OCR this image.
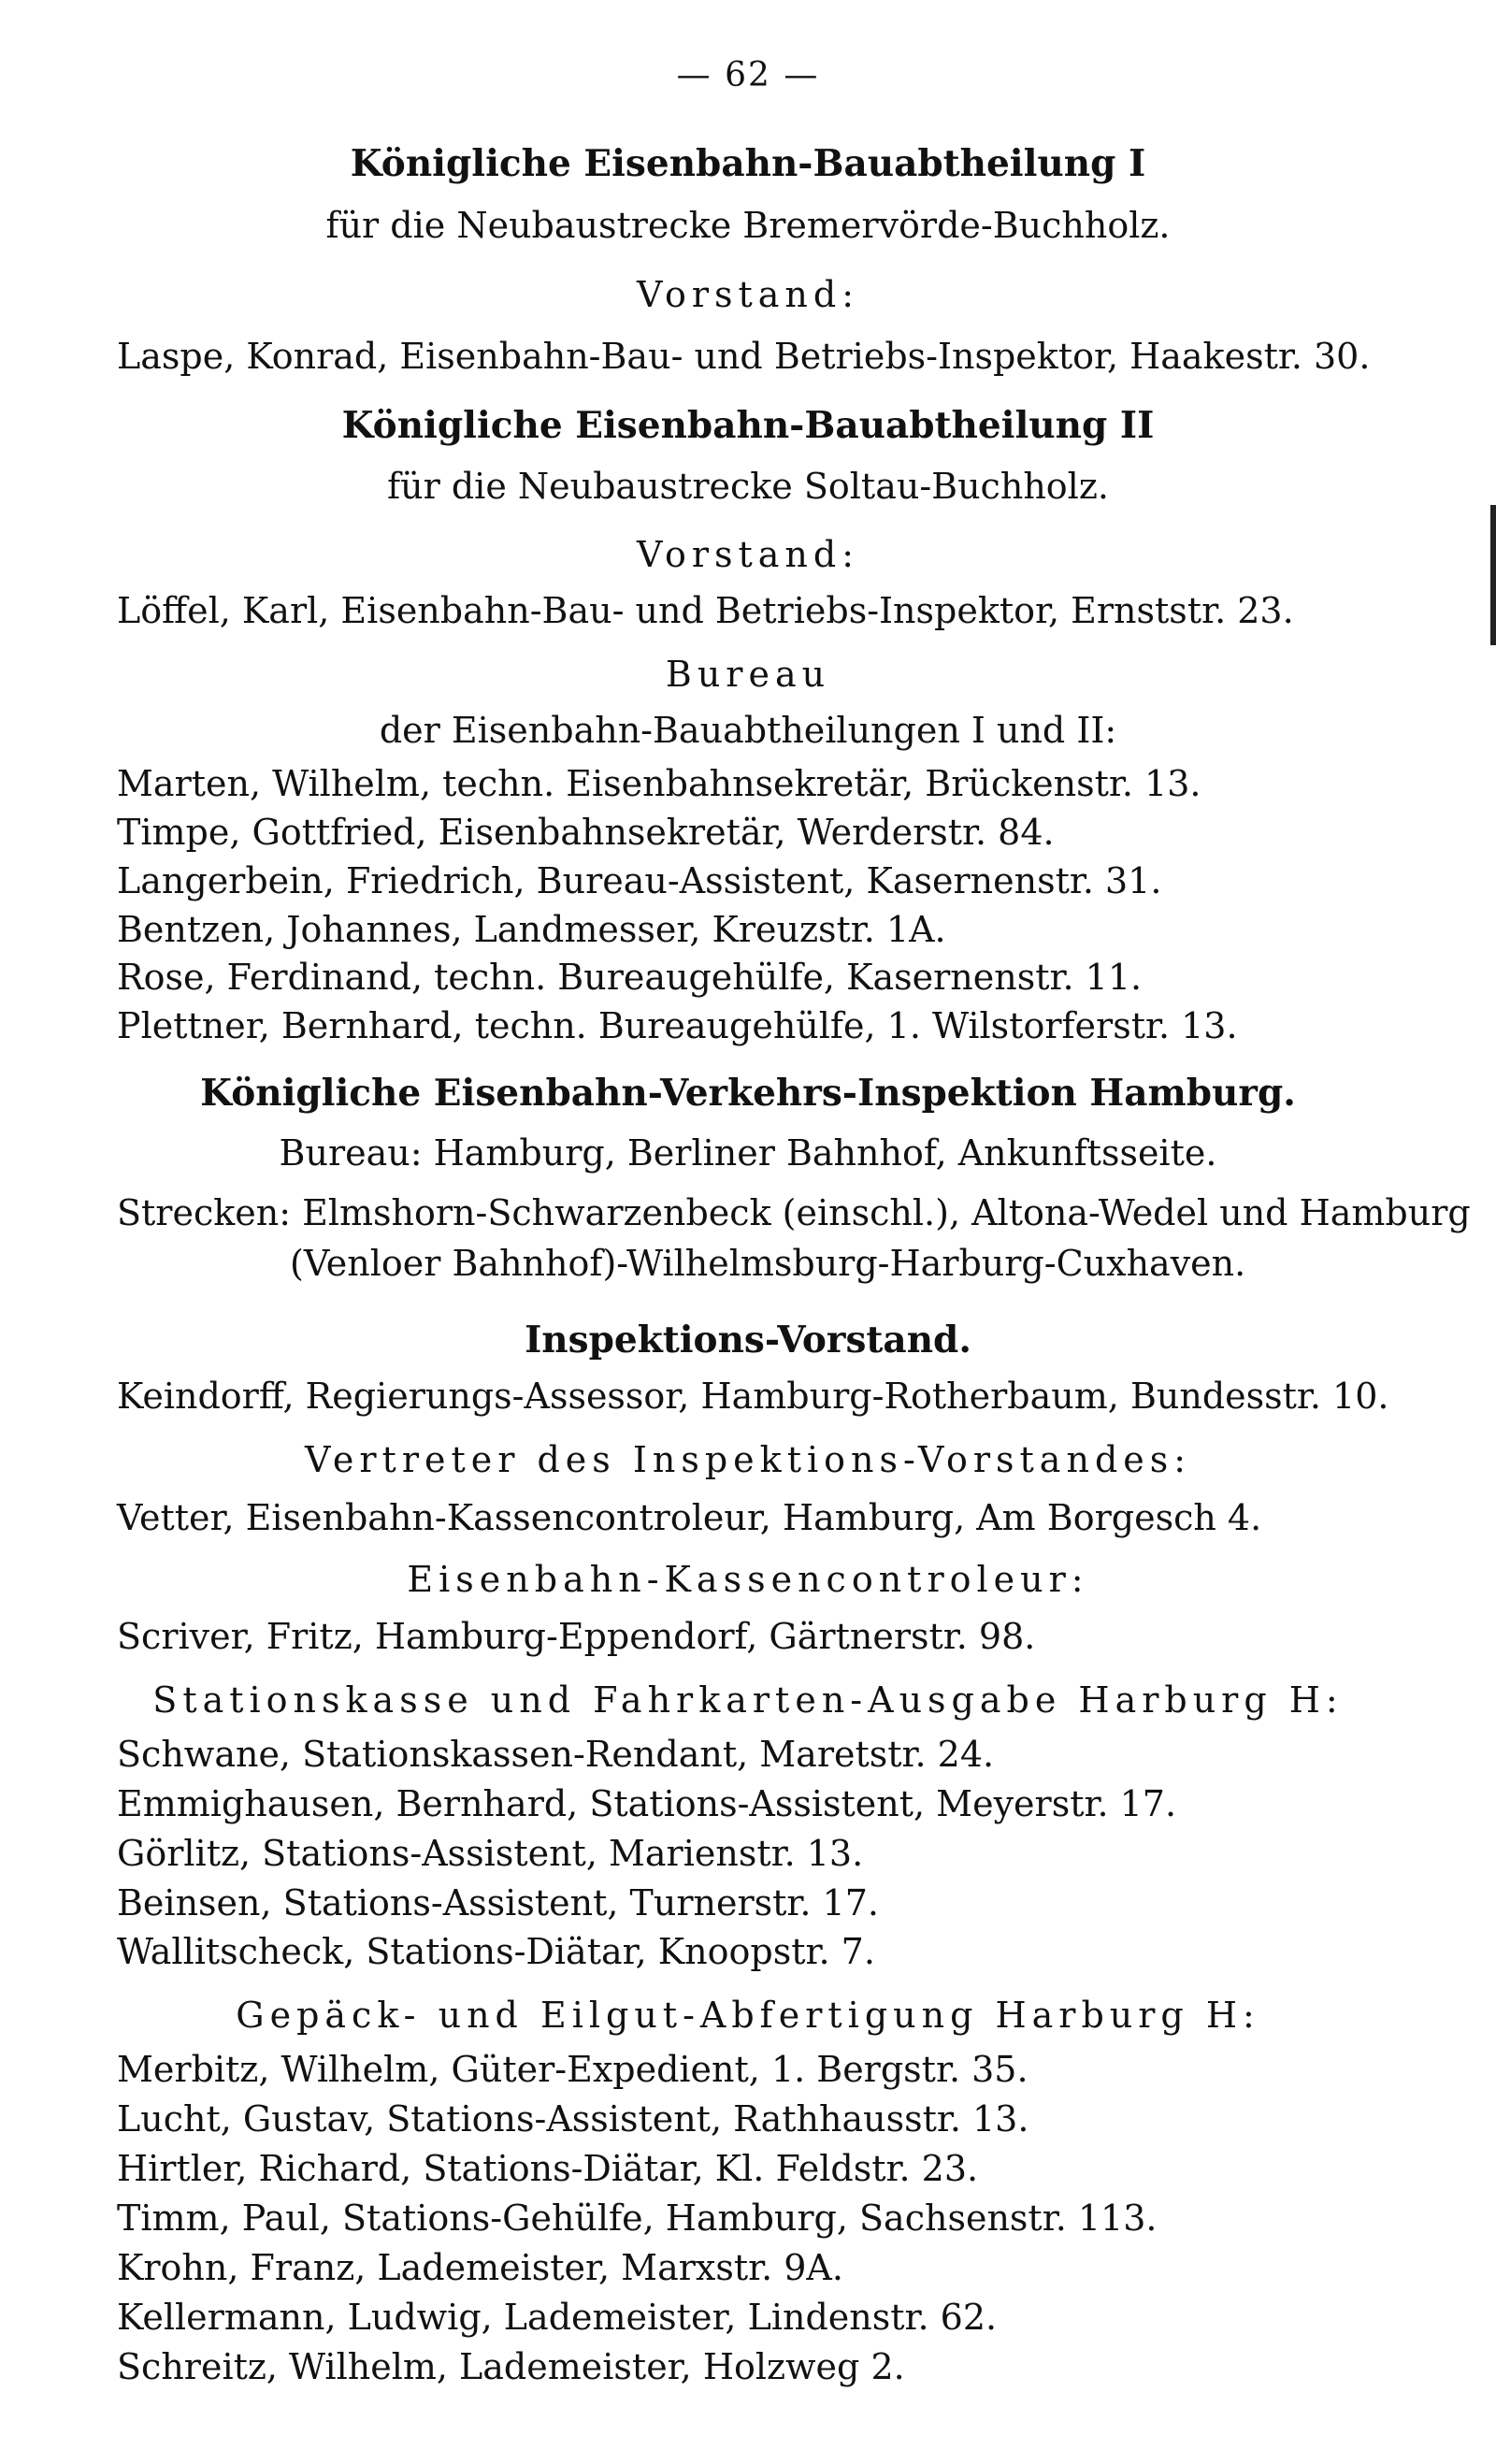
— 62 —
Königliche Eisenbahn-Bauabtheilung I
für die Neubaustrecke Bremervörde-Buchholz.
Vorstand:
Laspe, Konrad, Eisenbahn-Bau- und Betriebs-Inspektor, Haakestr. 30.
Königliche Eisenbahn-Bauabtheilung II
für die Neubaustrecke Soltau-Buchholz.
Vorstand:
Löffel, Karl, Eisenbahn-Bau- und Betriebs-Inspektor, Ernststr. 23.
Bureau
der Eisenbahn-Bauabtheilungen I und II:
Marten, Wilhelm, techn. Eisenbahnsekretär, Brückenstr. 13.
Timpe, Gottfried, Eisenbahnsekretär, Werderstr. 84.
Langerbein, Friedrich, Bureau-Assistent, Kasernenstr. 31.
Bentzen, Johannes, Landmesser, Kreuzstr. 1A.
Rose, Ferdinand, techn. Bureaugehülfe, Kasernenstr. 11.
Plettner, Bernhard, techn. Bureaugehülfe, 1. Wilstorferstr. 13.
Königliche Eisenbahn-Verkehrs-Inspektion Hamburg.
Bureau: Hamburg, Berliner Bahnhof, Ankunftsseite.
Strecken: Elmshorn-Schwarzenbeck (einschl.), Altona-Wedel und Hamburg
(Venloer Bahnhof)-Wilhelmsburg-Harburg-Cuxhaven.
Inspektions-Vorstand.
Keindorff, Regierungs-Assessor, Hamburg-Rotherbaum, Bundesstr. 10.
Vertreter des Inspektions-Vorstandes:
Vetter, Eisenbahn-Kassencontroleur, Hamburg, Am Borgesch 4.
Eisenbahn-Kassencontroleur:
Scriver, Fritz, Hamburg-Eppendorf, Gärtnerstr. 98.
Stationskasse und Fahrkarten-Ausgabe Harburg H:
Schwane, Stationskassen-Rendant, Maretstr. 24.
Emmighausen, Bernhard, Stations-Assistent, Meyerstr. 17.
Görlitz, Stations-Assistent, Marienstr. 13.
Beinsen, Stations-Assistent, Turnerstr. 17.
Wallitscheck, Stations-Diätar, Knoopstr. 7.
Gepäck- und Eilgut-Abfertigung Harburg H:
Merbitz, Wilhelm, Güter-Expedient, 1. Bergstr. 35.
Lucht, Gustav, Stations-Assistent, Rathhausstr. 13.
Hirtler, Richard, Stations-Diätar, Kl. Feldstr. 23.
Timm, Paul, Stations-Gehülfe, Hamburg, Sachsenstr. 113.
Krohn, Franz, Lademeister, Marxstr. 9A.
Kellermann, Ludwig, Lademeister, Lindenstr. 62.
Schreitz, Wilhelm, Lademeister, Holzweg 2.
